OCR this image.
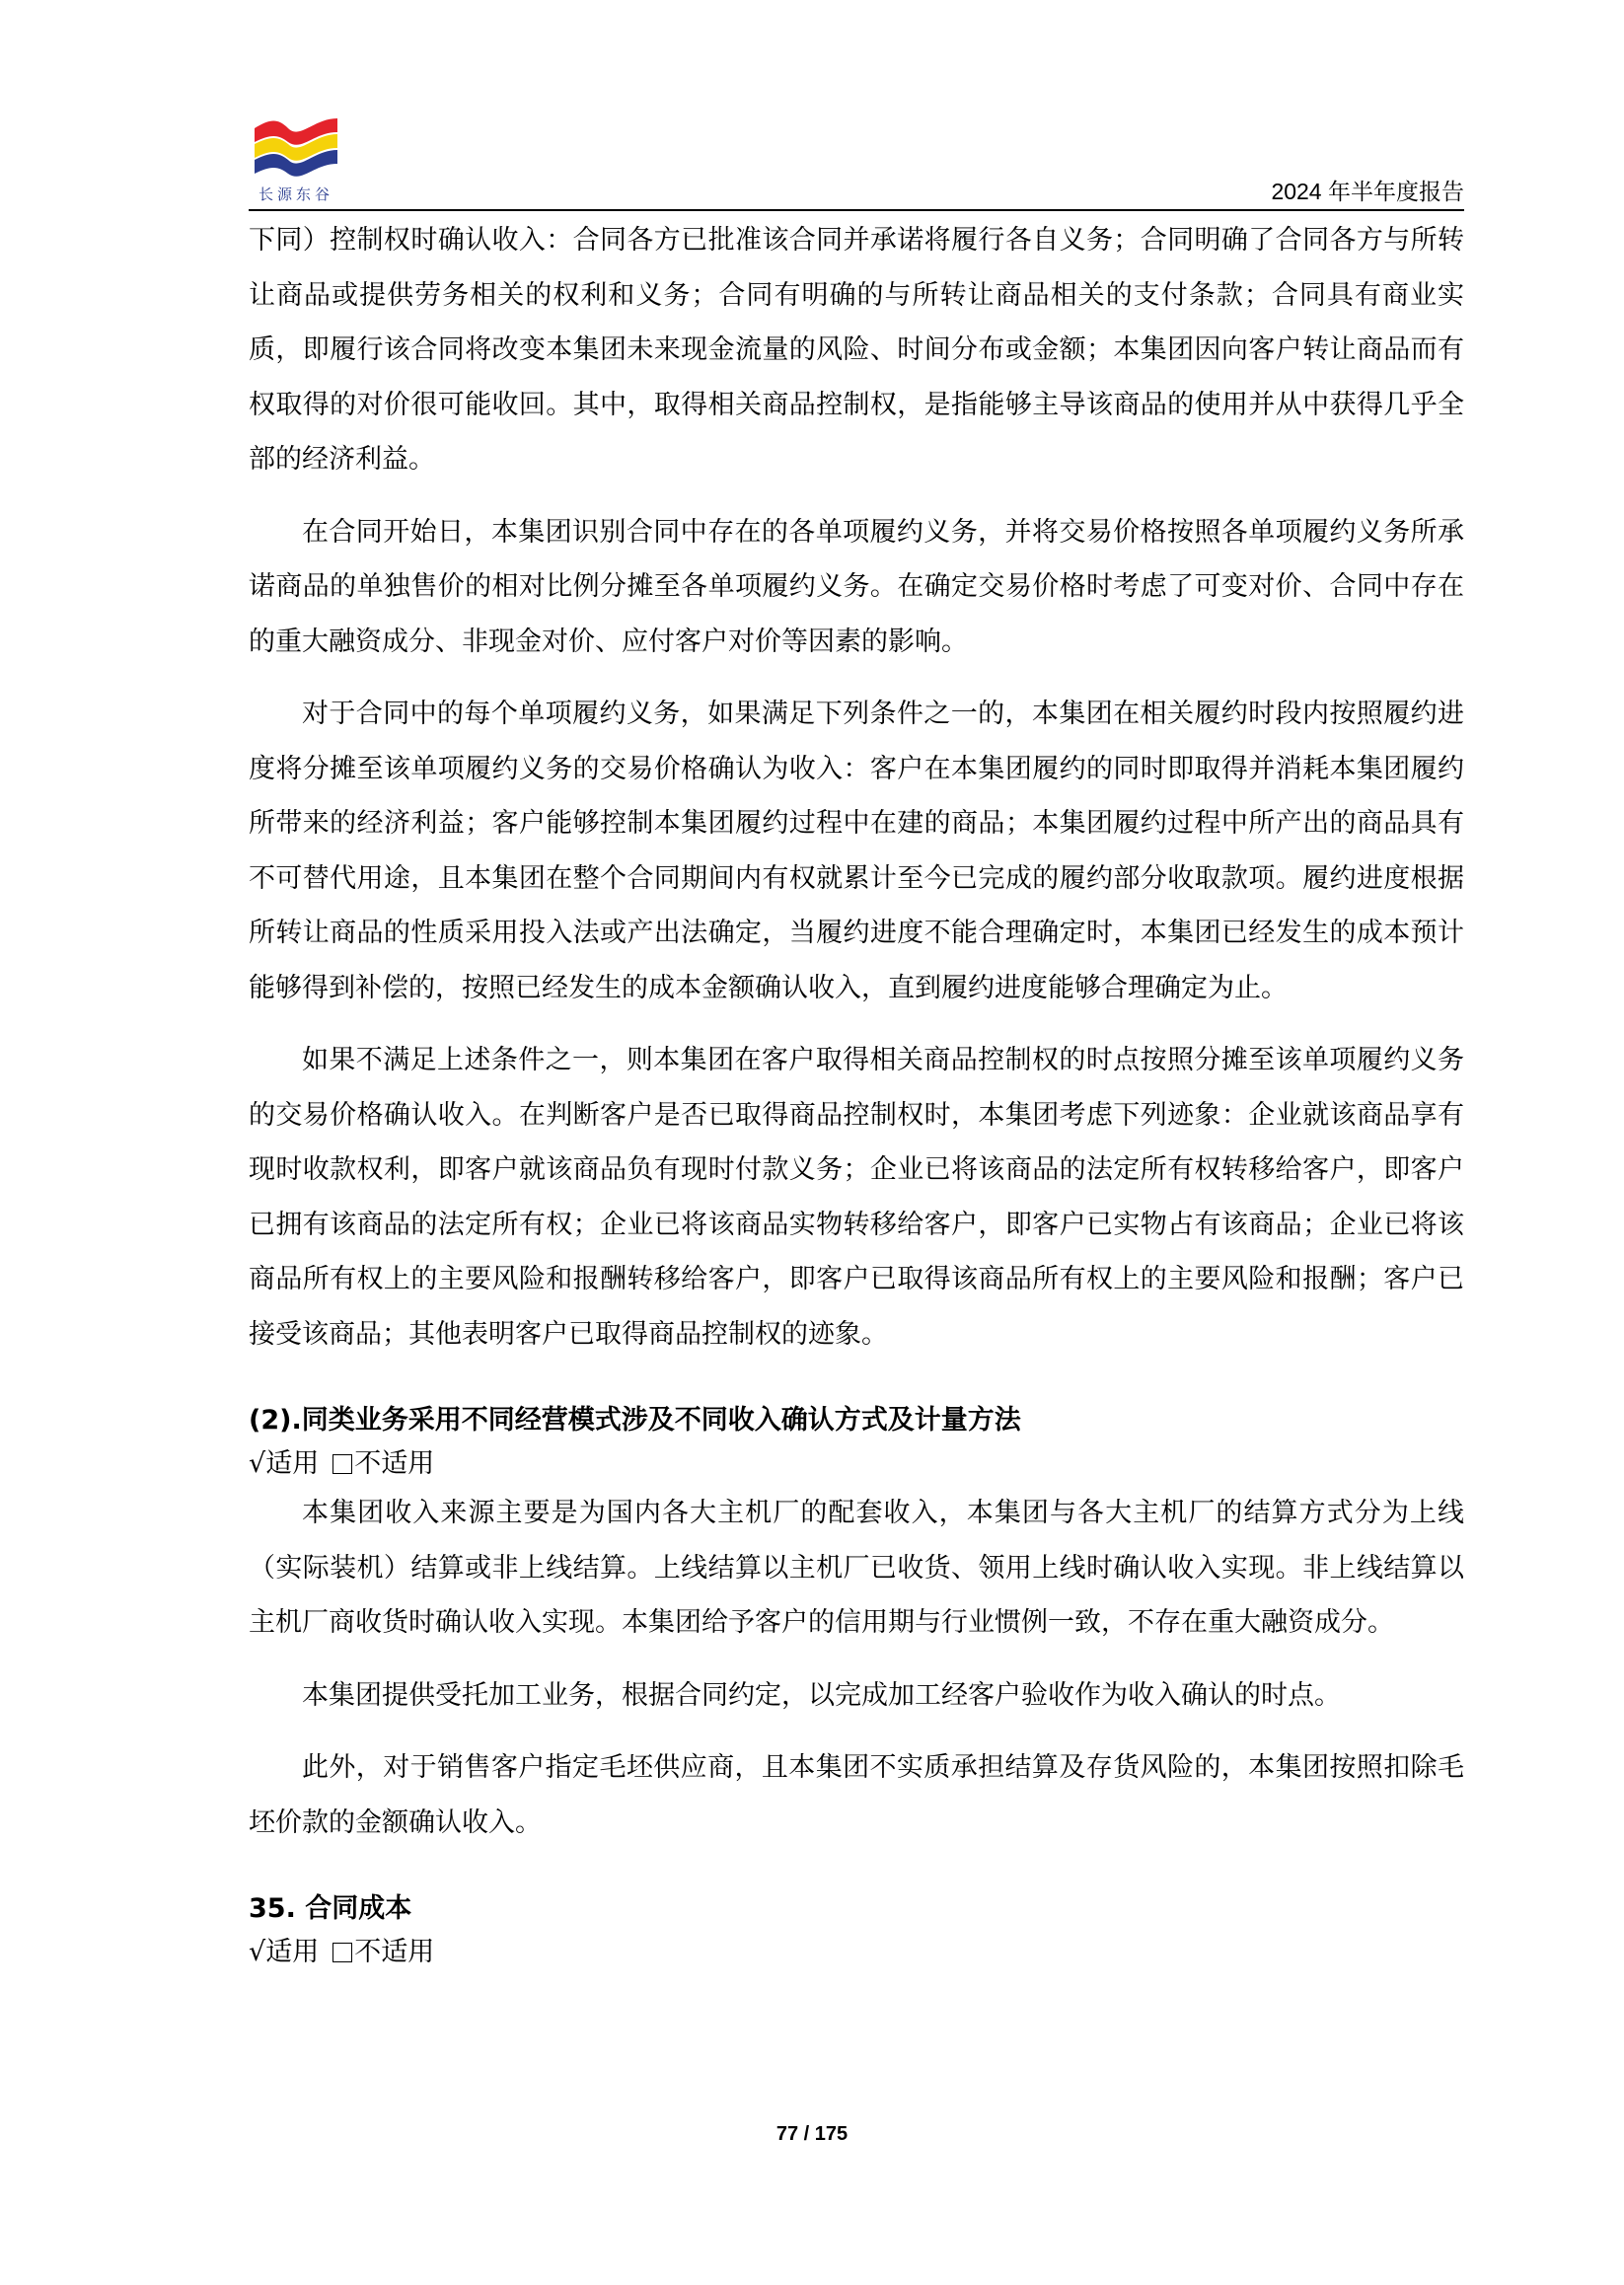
长源东谷	2024 年半年度报告

下同）控制权时确认收入：合同各方已批准该合同并承诺将履行各自义务；合同明确了合同各方与所转让商品或提供劳务相关的权利和义务；合同有明确的与所转让商品相关的支付条款；合同具有商业实质，即履行该合同将改变本集团未来现金流量的风险、时间分布或金额；本集团因向客户转让商品而有权取得的对价很可能收回。其中，取得相关商品控制权，是指能够主导该商品的使用并从中获得几乎全部的经济利益。

在合同开始日，本集团识别合同中存在的各单项履约义务，并将交易价格按照各单项履约义务所承诺商品的单独售价的相对比例分摊至各单项履约义务。在确定交易价格时考虑了可变对价、合同中存在的重大融资成分、非现金对价、应付客户对价等因素的影响。

对于合同中的每个单项履约义务，如果满足下列条件之一的，本集团在相关履约时段内按照履约进度将分摊至该单项履约义务的交易价格确认为收入：客户在本集团履约的同时即取得并消耗本集团履约所带来的经济利益；客户能够控制本集团履约过程中在建的商品；本集团履约过程中所产出的商品具有不可替代用途，且本集团在整个合同期间内有权就累计至今已完成的履约部分收取款项。履约进度根据所转让商品的性质采用投入法或产出法确定，当履约进度不能合理确定时，本集团已经发生的成本预计能够得到补偿的，按照已经发生的成本金额确认收入，直到履约进度能够合理确定为止。

如果不满足上述条件之一，则本集团在客户取得相关商品控制权的时点按照分摊至该单项履约义务的交易价格确认收入。在判断客户是否已取得商品控制权时，本集团考虑下列迹象：企业就该商品享有现时收款权利，即客户就该商品负有现时付款义务；企业已将该商品的法定所有权转移给客户，即客户已拥有该商品的法定所有权；企业已将该商品实物转移给客户，即客户已实物占有该商品；企业已将该商品所有权上的主要风险和报酬转移给客户，即客户已取得该商品所有权上的主要风险和报酬；客户已接受该商品；其他表明客户已取得商品控制权的迹象。

(2).同类业务采用不同经营模式涉及不同收入确认方式及计量方法

√适用 不适用

本集团收入来源主要是为国内各大主机厂的配套收入，本集团与各大主机厂的结算方式分为上线（实际装机）结算或非上线结算。上线结算以主机厂已收货、领用上线时确认收入实现。非上线结算以主机厂商收货时确认收入实现。本集团给予客户的信用期与行业惯例一致，不存在重大融资成分。

本集团提供受托加工业务，根据合同约定，以完成加工经客户验收作为收入确认的时点。

此外，对于销售客户指定毛坯供应商，且本集团不实质承担结算及存货风险的，本集团按照扣除毛坯价款的金额确认收入。

35. 合同成本

√适用 不适用

77 / 175
